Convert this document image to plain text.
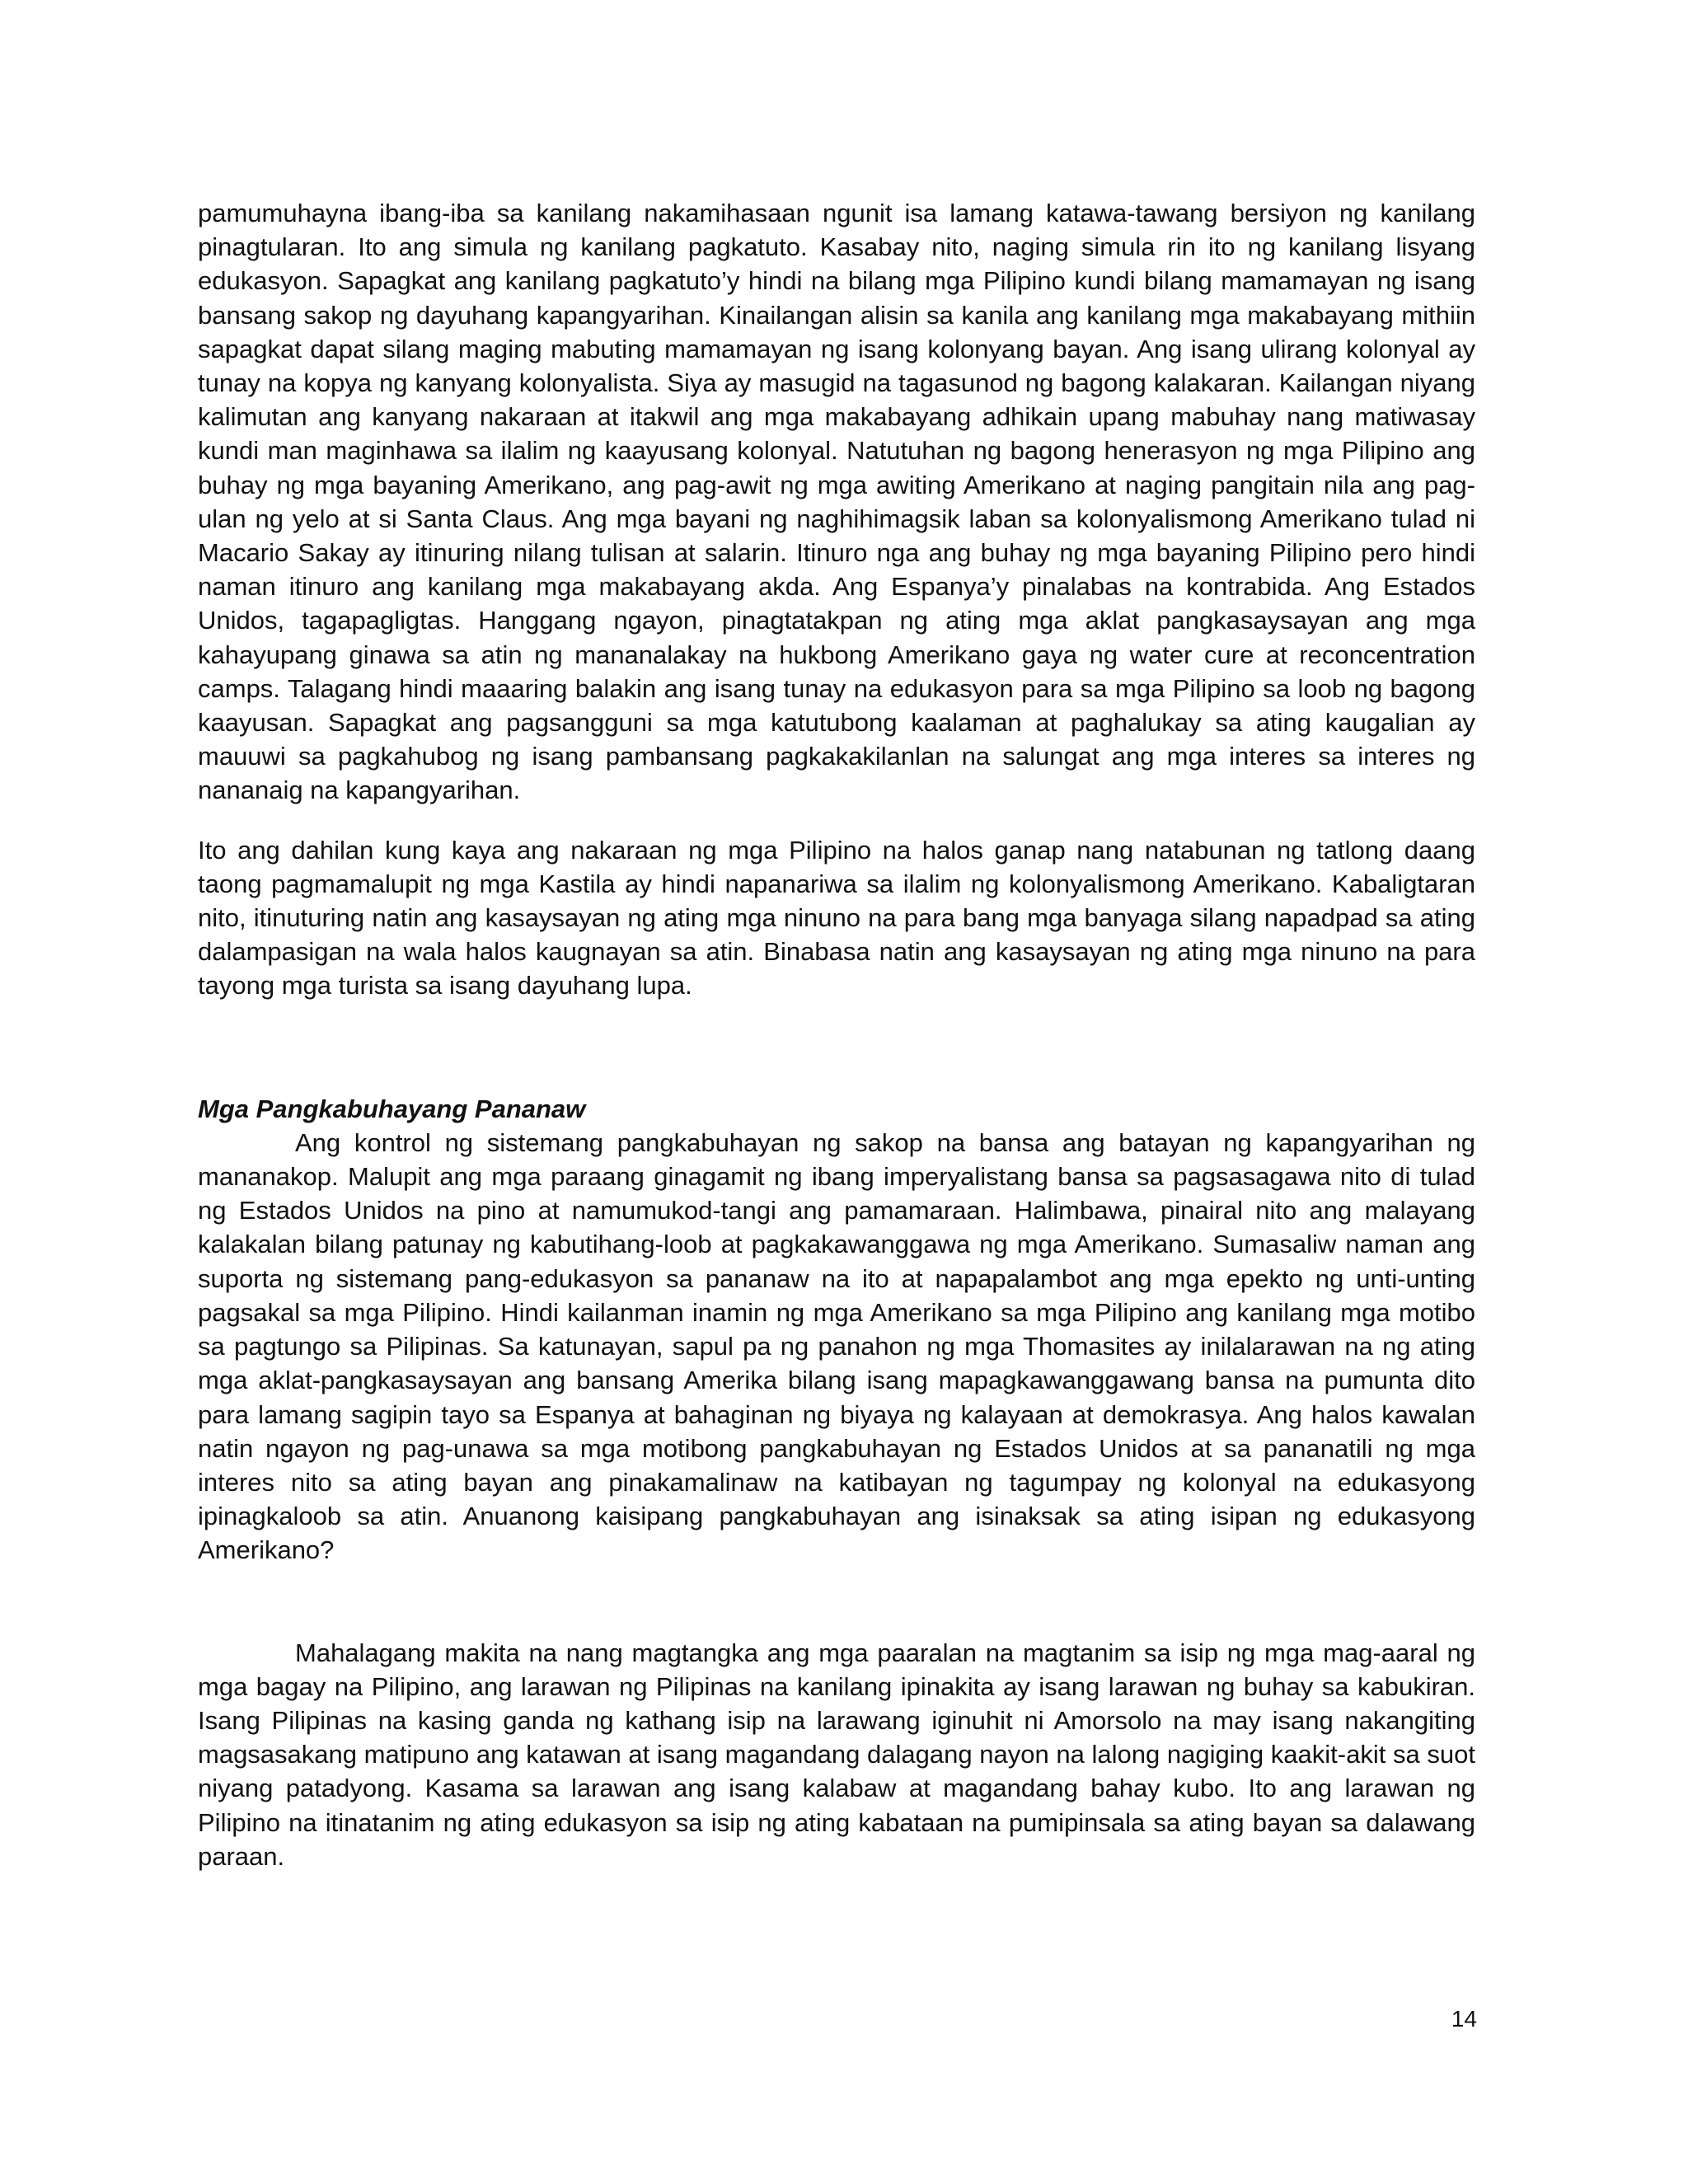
pamumuhayna ibang-iba sa kanilang nakamihasaan ngunit isa lamang katawa-tawang bersiyon ng kanilang pinagtularan. Ito ang simula ng kanilang pagkatuto. Kasabay nito, naging simula rin ito ng kanilang lisyang edukasyon. Sapagkat ang kanilang pagkatuto’y hindi na bilang mga Pilipino kundi bilang mamamayan ng isang bansang sakop ng dayuhang kapangyarihan. Kinailangan alisin sa kanila ang kanilang mga makabayang mithiin sapagkat dapat silang maging mabuting mamamayan ng isang kolonyang bayan. Ang isang ulirang kolonyal ay tunay na kopya ng kanyang kolonyalista. Siya ay masugid na tagasunod ng bagong kalakaran. Kailangan niyang kalimutan ang kanyang nakaraan at itakwil ang mga makabayang adhikain upang mabuhay nang matiwasay kundi man maginhawa sa ilalim ng kaayusang kolonyal. Natutuhan ng bagong henerasyon ng mga Pilipino ang buhay ng mga bayaning Amerikano, ang pag-awit ng mga awiting Amerikano at naging pangitain nila ang pag-ulan ng yelo at si Santa Claus. Ang mga bayani ng naghihimagsik laban sa kolonyalismong Amerikano tulad ni Macario Sakay ay itinuring nilang tulisan at salarin. Itinuro nga ang buhay ng mga bayaning Pilipino pero hindi naman itinuro ang kanilang mga makabayang akda. Ang Espanya’y pinalabas na kontrabida. Ang Estados Unidos, tagapagligtas. Hanggang ngayon, pinagtatakpan ng ating mga aklat pangkasaysayan ang mga kahayupang ginawa sa atin ng mananalakay na hukbong Amerikano gaya ng water cure at reconcentration camps. Talagang hindi maaaring balakin ang isang tunay na edukasyon para sa mga Pilipino sa loob ng bagong kaayusan. Sapagkat ang pagsangguni sa mga katutubong kaalaman at paghalukay sa ating kaugalian ay mauuwi sa pagkahubog ng isang pambansang pagkakakilanlan na salungat ang mga interes sa interes ng nananaig na kapangyarihan.

Ito ang dahilan kung kaya ang nakaraan ng mga Pilipino na halos ganap nang natabunan ng tatlong daang taong pagmamalupit ng mga Kastila ay hindi napanariwa sa ilalim ng kolonyalismong Amerikano. Kabaligtaran nito, itinuturing natin ang kasaysayan ng ating mga ninuno na para bang mga banyaga silang napadpad sa ating dalampasigan na wala halos kaugnayan sa atin. Binabasa natin ang kasaysayan ng ating mga ninuno na para tayong mga turista sa isang dayuhang lupa.

Mga Pangkabuhayang Pananaw

Ang kontrol ng sistemang pangkabuhayan ng sakop na bansa ang batayan ng kapangyarihan ng mananakop. Malupit ang mga paraang ginagamit ng ibang imperyalistang bansa sa pagsasagawa nito di tulad ng Estados Unidos na pino at namumukod-tangi ang pamamaraan. Halimbawa, pinairal nito ang malayang kalakalan bilang patunay ng kabutihang-loob at pagkakawanggawa ng mga Amerikano. Sumasaliw naman ang suporta ng sistemang pang-edukasyon sa pananaw na ito at napapalambot ang mga epekto ng unti-unting pagsakal sa mga Pilipino. Hindi kailanman inamin ng mga Amerikano sa mga Pilipino ang kanilang mga motibo sa pagtungo sa Pilipinas. Sa katunayan, sapul pa ng panahon ng mga Thomasites ay inilalarawan na ng ating mga aklat-pangkasaysayan ang bansang Amerika bilang isang mapagkawanggawang bansa na pumunta dito para lamang sagipin tayo sa Espanya at bahaginan ng biyaya ng kalayaan at demokrasya. Ang halos kawalan natin ngayon ng pag-unawa sa mga motibong pangkabuhayan ng Estados Unidos at sa pananatili ng mga interes nito sa ating bayan ang pinakamalinaw na katibayan ng tagumpay ng kolonyal na edukasyong ipinagkaloob sa atin. Anuanong kaisipang pangkabuhayan ang isinaksak sa ating isipan ng edukasyong Amerikano?

Mahalagang makita na nang magtangka ang mga paaralan na magtanim sa isip ng mga mag-aaral ng mga bagay na Pilipino, ang larawan ng Pilipinas na kanilang ipinakita ay isang larawan ng buhay sa kabukiran. Isang Pilipinas na kasing ganda ng kathang isip na larawang iginuhit ni Amorsolo na may isang nakangiting magsasakang matipuno ang katawan at isang magandang dalagang nayon na lalong nagiging kaakit-akit sa suot niyang patadyong. Kasama sa larawan ang isang kalabaw at magandang bahay kubo. Ito ang larawan ng Pilipino na itinatanim ng ating edukasyon sa isip ng ating kabataan na pumipinsala sa ating bayan sa dalawang paraan.

14
